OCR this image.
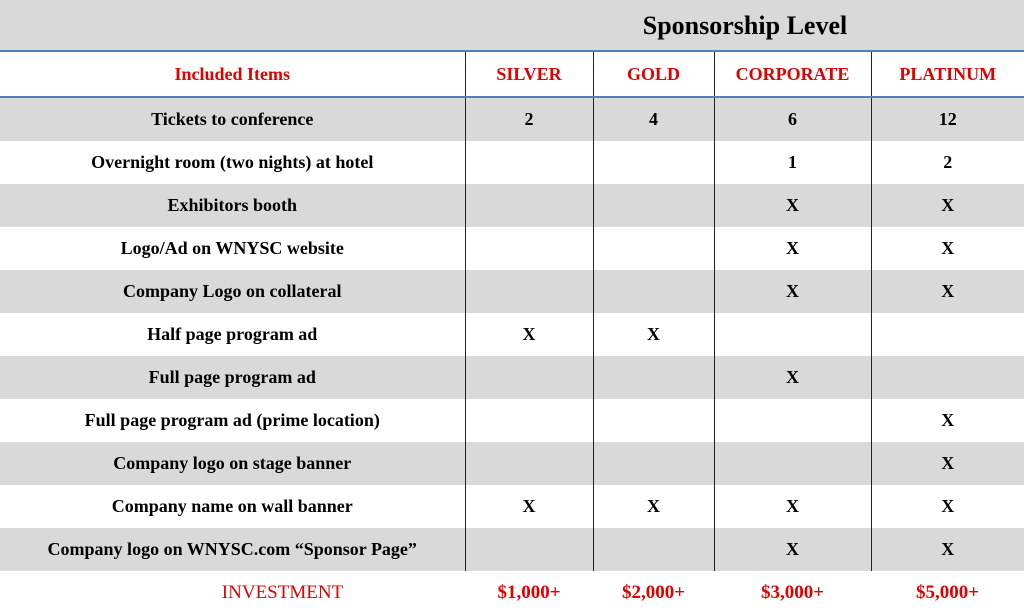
Sponsorship Level
Included Items	SILVER	GOLD	CORPORATE	PLATINUM
Tickets to conference	2	4	6	12
Overnight room (two nights) at hotel			1	2
Exhibitors booth			X	X
Logo/Ad on WNYSC website			X	X
Company Logo on collateral			X	X
Half page program ad	X	X		
Full page program ad			X	
Full page program ad (prime location)				X
Company logo on stage banner				X
Company name on wall banner	X	X	X	X
Company logo on WNYSC.com “Sponsor Page”			X	X
INVESTMENT	$1,000+	$2,000+	$3,000+	$5,000+
